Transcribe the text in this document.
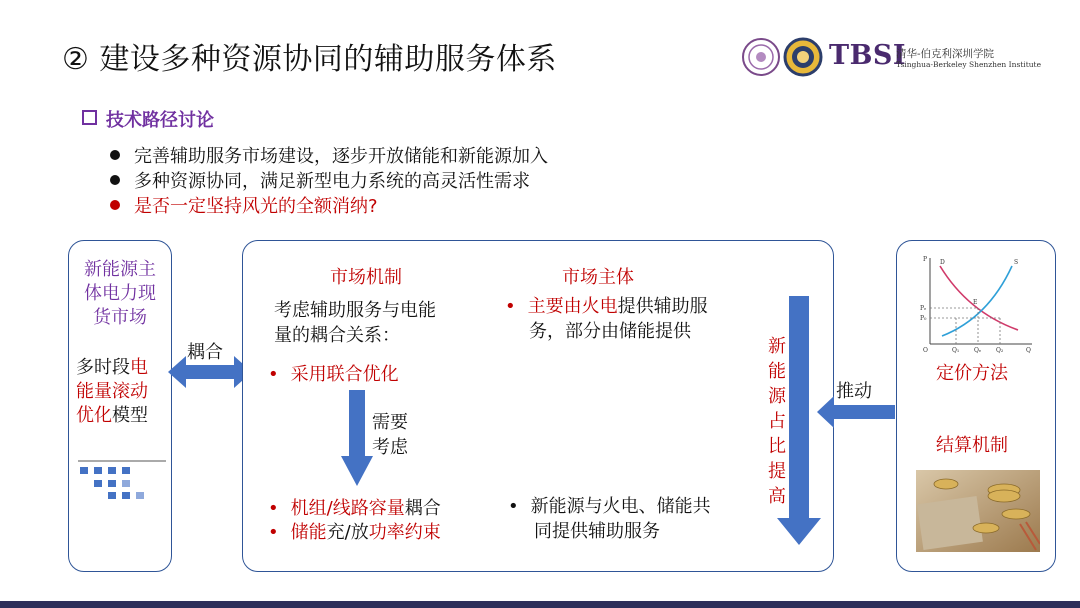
② 建设多种资源协同的辅助服务体系	TBSI
清华-伯克利深圳学院
Tsinghua-Berkeley Shenzhen Institute
技术路径讨论
完善辅助服务市场建设，逐步开放储能和新能源加入
多种资源协同，满足新型电力系统的高灵活性需求
是否一定坚持风光的全额消纳?
新能源主
体电力现
货市场
多时段电
能量滚动
优化模型
耦合
市场机制
考虑辅助服务与电能
量的耦合关系：
• 采用联合优化
需要
考虑
• 机组/线路容量耦合
• 储能充/放功率约束
市场主体
• 主要由火电提供辅助服
务，部分由储能提供
• 新能源与火电、储能共
同提供辅助服务
新能源占比提高
推动
P D	S
E
Pₑ
P₀
O	Q₁ Qₑ Q₂	Q
定价方法
结算机制
